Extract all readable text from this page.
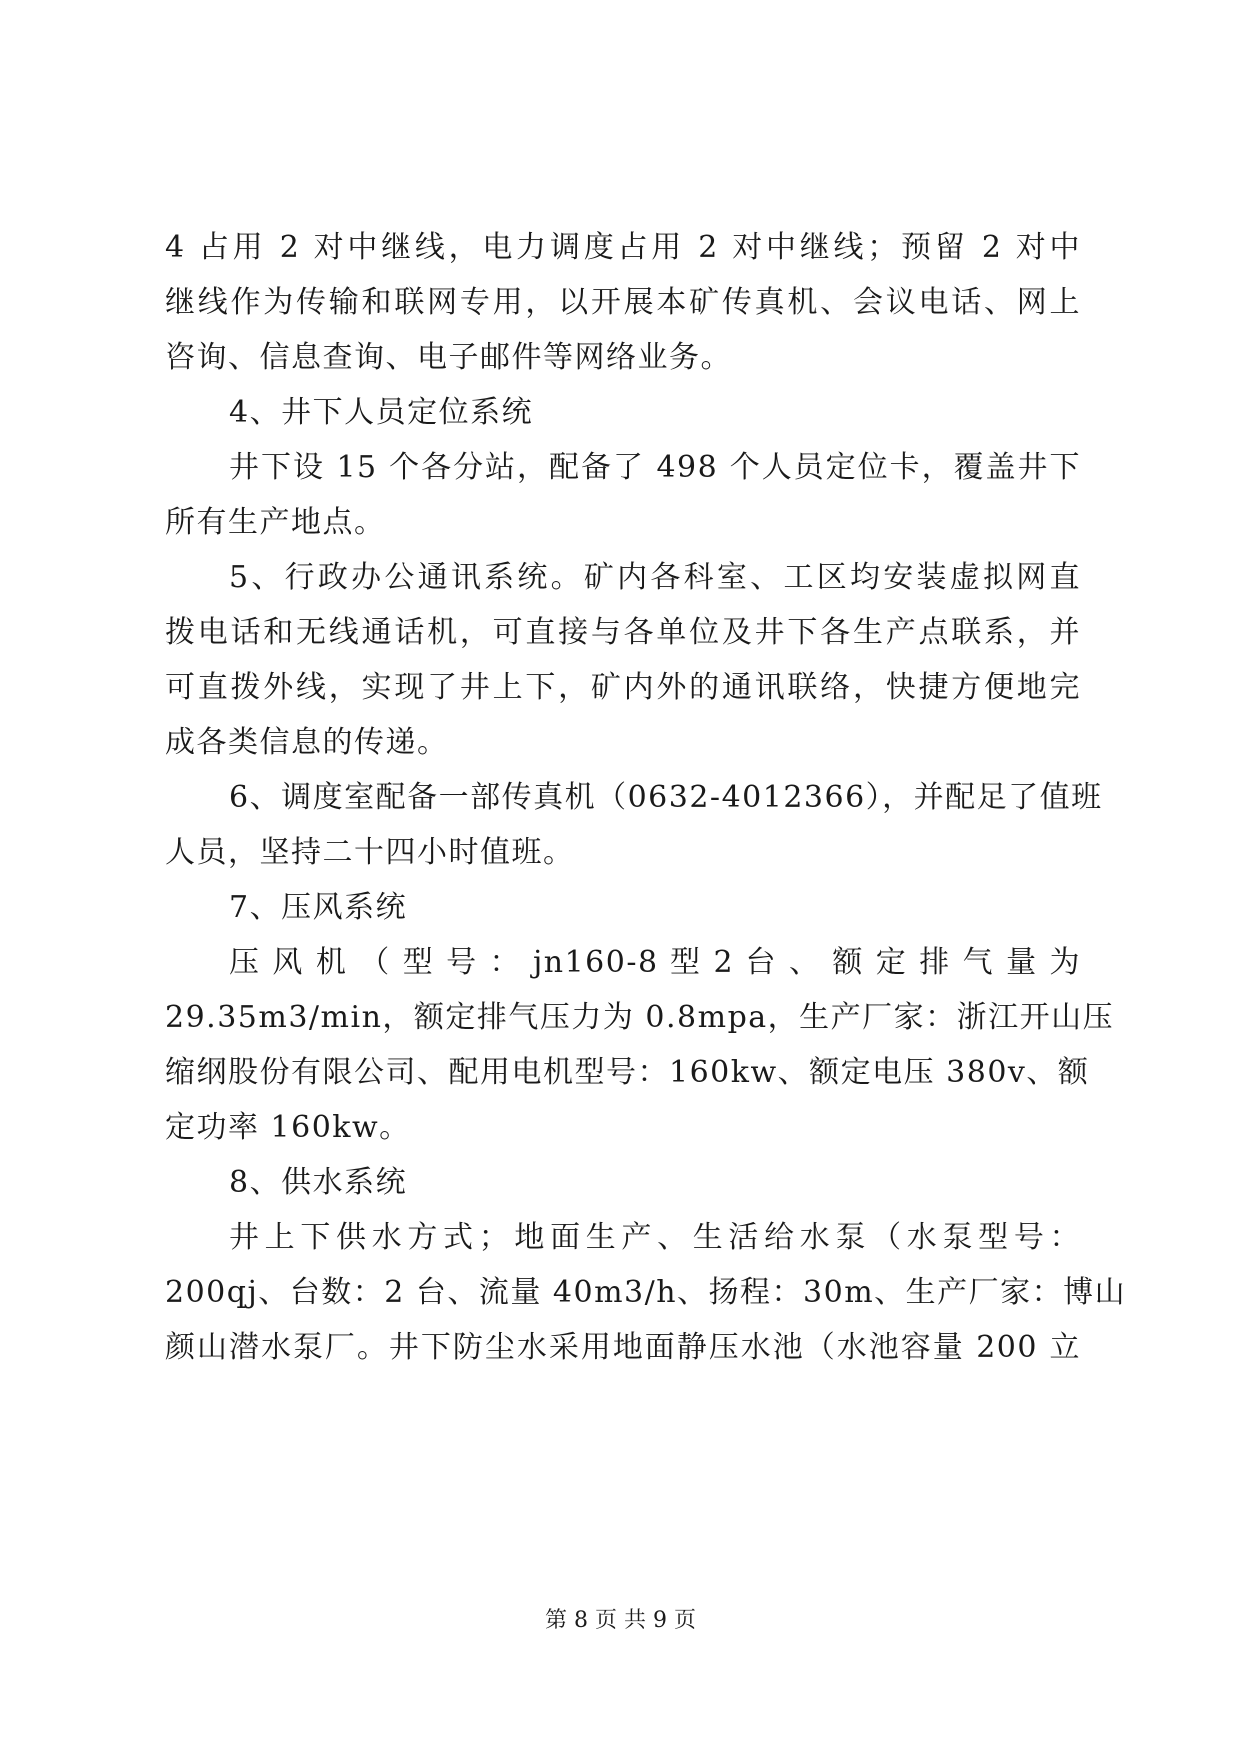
4 占用 2 对中继线，电力调度占用 2 对中继线；预留 2 对中
继线作为传输和联网专用，以开展本矿传真机、会议电话、网上
咨询、信息查询、电子邮件等网络业务。
4、井下人员定位系统
井下设 15 个各分站，配备了 498 个人员定位卡，覆盖井下
所有生产地点。
5、行政办公通讯系统。矿内各科室、工区均安装虚拟网直
拨电话和无线通话机，可直接与各单位及井下各生产点联系，并
可直拨外线，实现了井上下，矿内外的通讯联络，快捷方便地完
成各类信息的传递。
6、调度室配备一部传真机（0632-4012366），并配足了值班
人员，坚持二十四小时值班。
7、压风系统
压 风 机 （ 型 号 ： jn160-8 型 2 台 、 额 定 排 气 量 为
29.35m3/min，额定排气压力为 0.8mpa，生产厂家：浙江开山压
缩纲股份有限公司、配用电机型号：160kw、额定电压 380v、额
定功率 160kw。
8、供水系统
井上下供水方式；地面生产、生活给水泵（水泵型号：
200qj、台数：2 台、流量 40m3/h、扬程：30m、生产厂家：博山
颜山潜水泵厂。井下防尘水采用地面静压水池（水池容量 200 立
第 8 页 共 9 页
